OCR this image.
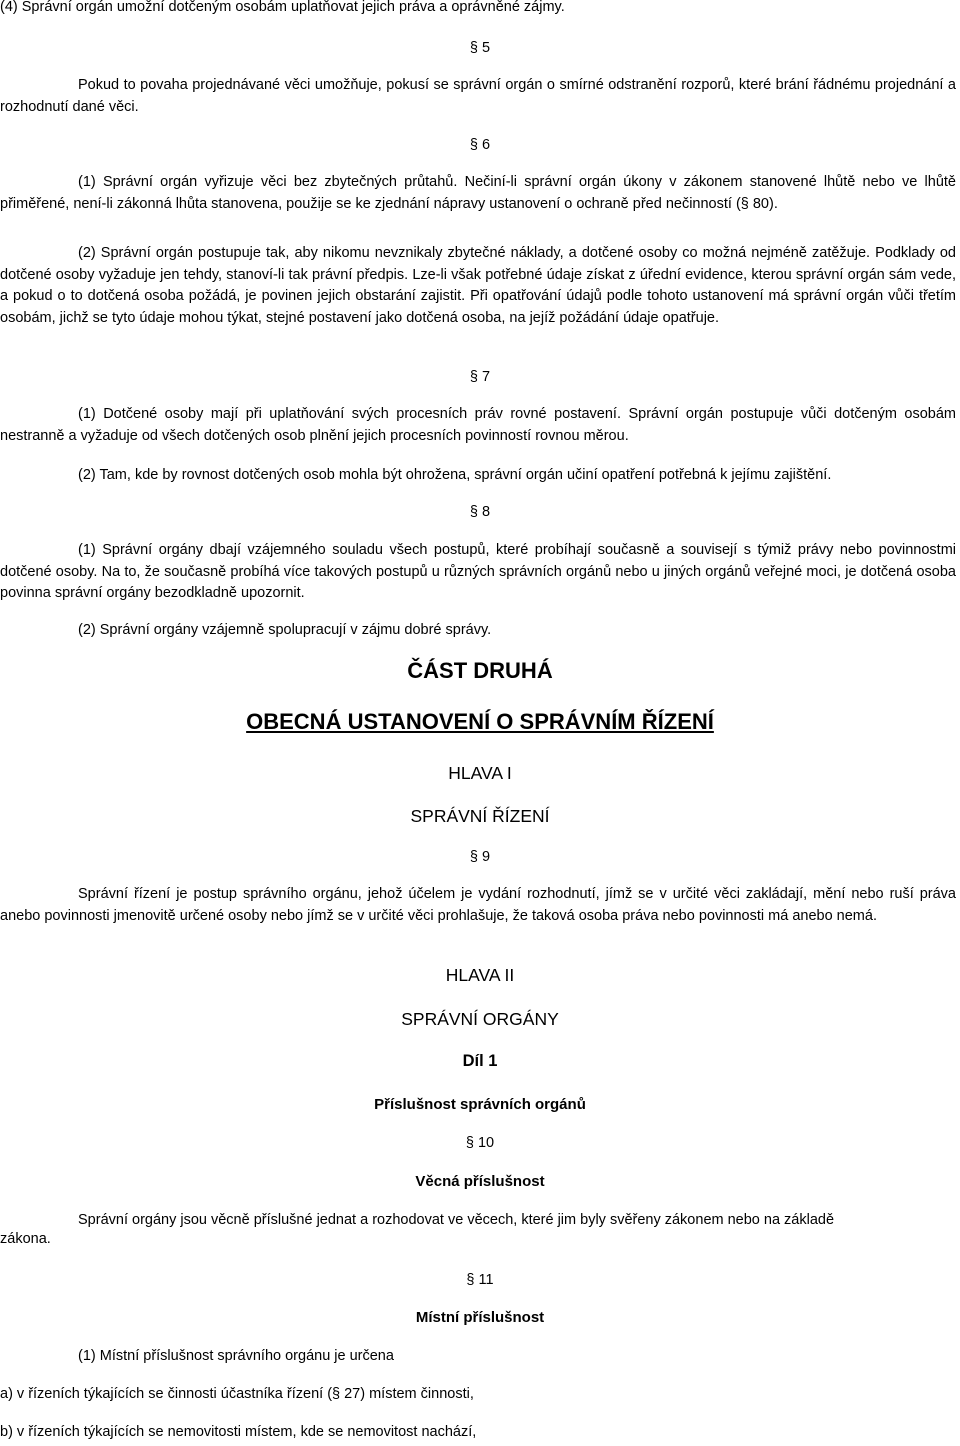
(4) Správní orgán umožní dotčeným osobám uplatňovat jejich práva a oprávněné zájmy.

§ 5

Pokud to povaha projednávané věci umožňuje, pokusí se správní orgán o smírné odstranění rozporů, které brání řádnému projednání a rozhodnutí dané věci.

§ 6

(1) Správní orgán vyřizuje věci bez zbytečných průtahů. Nečiní-li správní orgán úkony v zákonem stanovené lhůtě nebo ve lhůtě přiměřené, není-li zákonná lhůta stanovena, použije se ke zjednání nápravy ustanovení o ochraně před nečinností (§ 80).

(2) Správní orgán postupuje tak, aby nikomu nevznikaly zbytečné náklady, a dotčené osoby co možná nejméně zatěžuje. Podklady od dotčené osoby vyžaduje jen tehdy, stanoví-li tak právní předpis. Lze-li však potřebné údaje získat z úřední evidence, kterou správní orgán sám vede, a pokud o to dotčená osoba požádá, je povinen jejich obstarání zajistit. Při opatřování údajů podle tohoto ustanovení má správní orgán vůči třetím osobám, jichž se tyto údaje mohou týkat, stejné postavení jako dotčená osoba, na jejíž požádání údaje opatřuje.

§ 7

(1) Dotčené osoby mají při uplatňování svých procesních práv rovné postavení. Správní orgán postupuje vůči dotčeným osobám nestranně a vyžaduje od všech dotčených osob plnění jejich procesních povinností rovnou měrou.

(2) Tam, kde by rovnost dotčených osob mohla být ohrožena, správní orgán učiní opatření potřebná k jejímu zajištění.

§ 8

(1) Správní orgány dbají vzájemného souladu všech postupů, které probíhají současně a souvisejí s týmiž právy nebo povinnostmi dotčené osoby. Na to, že současně probíhá více takových postupů u různých správních orgánů nebo u jiných orgánů veřejné moci, je dotčená osoba povinna správní orgány bezodkladně upozornit.

(2) Správní orgány vzájemně spolupracují v zájmu dobré správy.

ČÁST DRUHÁ

OBECNÁ USTANOVENÍ O SPRÁVNÍM ŘÍZENÍ

HLAVA I

SPRÁVNÍ ŘÍZENÍ

§ 9

Správní řízení je postup správního orgánu, jehož účelem je vydání rozhodnutí, jímž se v určité věci zakládají, mění nebo ruší práva anebo povinnosti jmenovitě určené osoby nebo jímž se v určité věci prohlašuje, že taková osoba práva nebo povinnosti má anebo nemá.

HLAVA II

SPRÁVNÍ ORGÁNY

Díl 1

Příslušnost správních orgánů

§ 10

Věcná příslušnost

Správní orgány jsou věcně příslušné jednat a rozhodovat ve věcech, které jim byly svěřeny zákonem nebo na základě

zákona.

§ 11

Místní příslušnost

(1) Místní příslušnost správního orgánu je určena

a) v řízeních týkajících se činnosti účastníka řízení (§ 27) místem činnosti,

b) v řízeních týkajících se nemovitosti místem, kde se nemovitost nachází,
